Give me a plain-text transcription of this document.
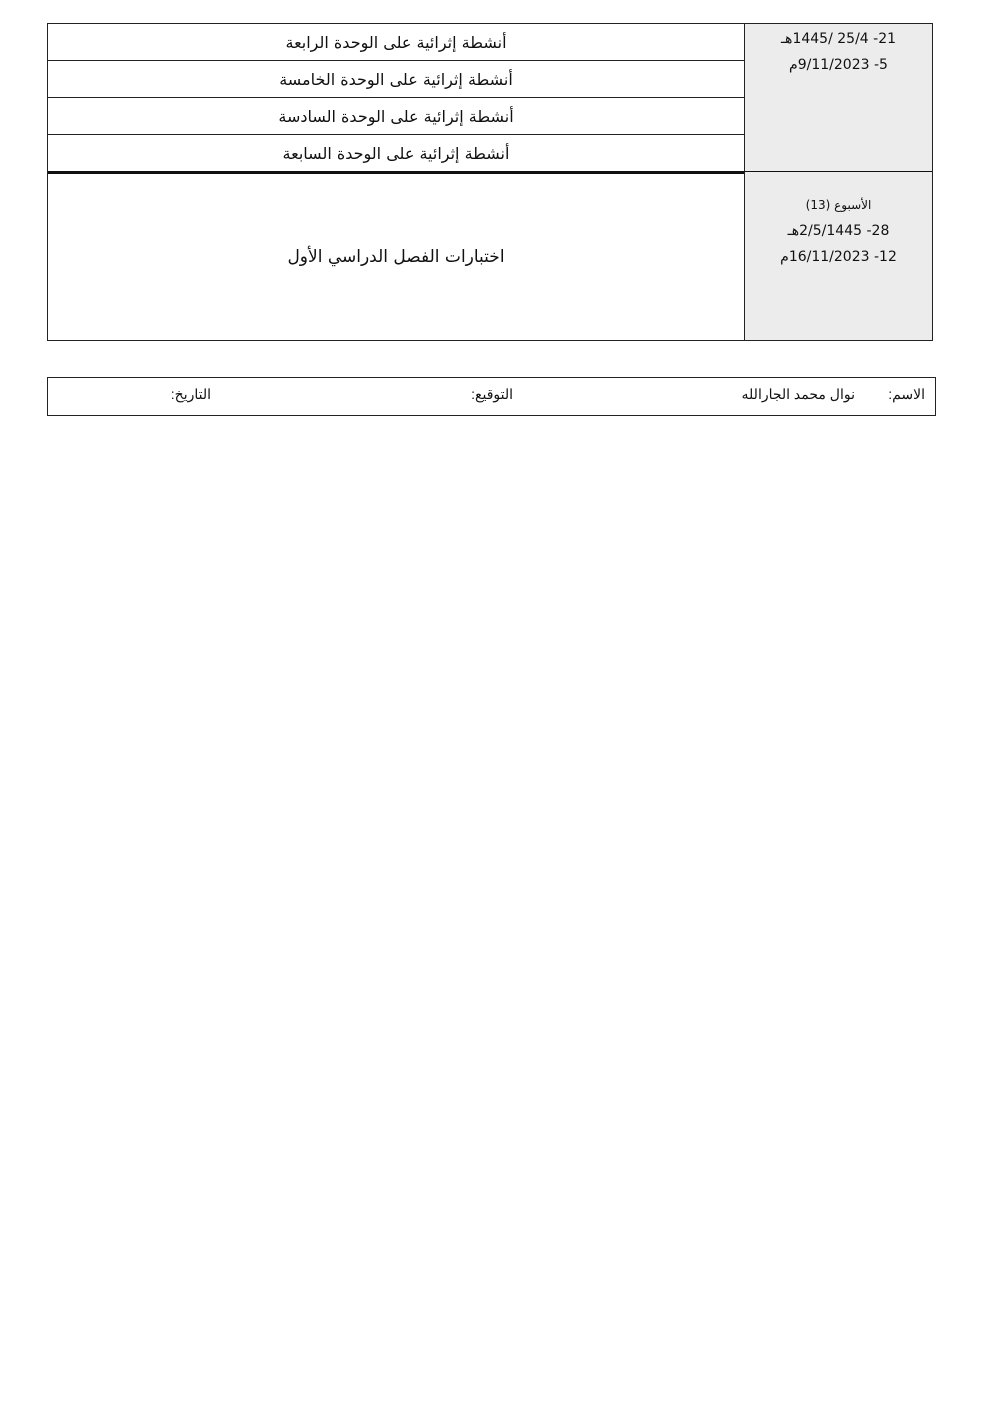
21- 25/4 /1445هـ
5- 9/11/2023م
أنشطة إثرائية على الوحدة الرابعة
أنشطة إثرائية على الوحدة الخامسة
أنشطة إثرائية على الوحدة السادسة
أنشطة إثرائية على الوحدة السابعة
الأسبوع (13)
28- 2/5/1445هـ
12- 16/11/2023م
اختبارات الفصل الدراسي الأول
الاسم:
نوال محمد الجارالله
التوقيع:
التاريخ:
